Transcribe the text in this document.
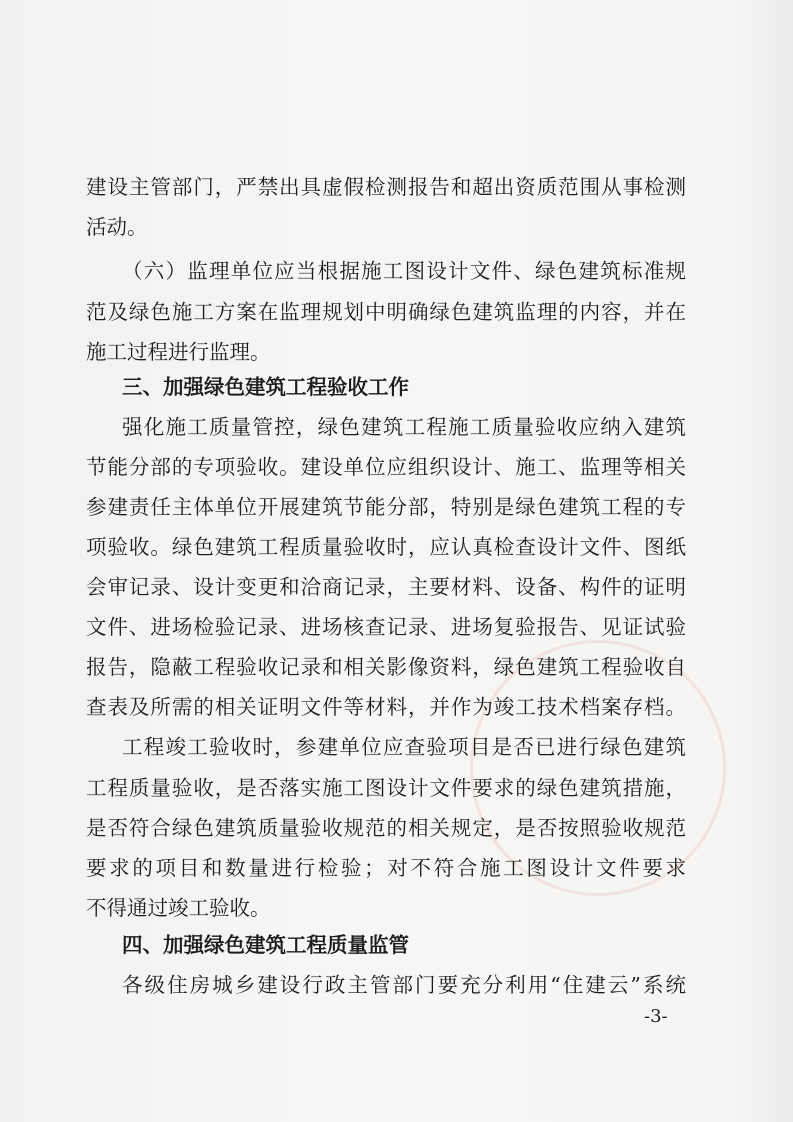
建设主管部门，严禁出具虚假检测报告和超出资质范围从事检测
活动。
（六）监理单位应当根据施工图设计文件、绿色建筑标准规
范及绿色施工方案在监理规划中明确绿色建筑监理的内容，并在
施工过程进行监理。
三、加强绿色建筑工程验收工作
强化施工质量管控，绿色建筑工程施工质量验收应纳入建筑
节能分部的专项验收。建设单位应组织设计、施工、监理等相关
参建责任主体单位开展建筑节能分部，特别是绿色建筑工程的专
项验收。绿色建筑工程质量验收时，应认真检查设计文件、图纸
会审记录、设计变更和洽商记录，主要材料、设备、构件的证明
文件、进场检验记录、进场核查记录、进场复验报告、见证试验
报告，隐蔽工程验收记录和相关影像资料，绿色建筑工程验收自
查表及所需的相关证明文件等材料，并作为竣工技术档案存档。
工程竣工验收时，参建单位应查验项目是否已进行绿色建筑
工程质量验收，是否落实施工图设计文件要求的绿色建筑措施，
是否符合绿色建筑质量验收规范的相关规定，是否按照验收规范
要求的项目和数量进行检验；对不符合施工图设计文件要求
不得通过竣工验收。
四、加强绿色建筑工程质量监管
各级住房城乡建设行政主管部门要充分利用“住建云”系统
-3-
